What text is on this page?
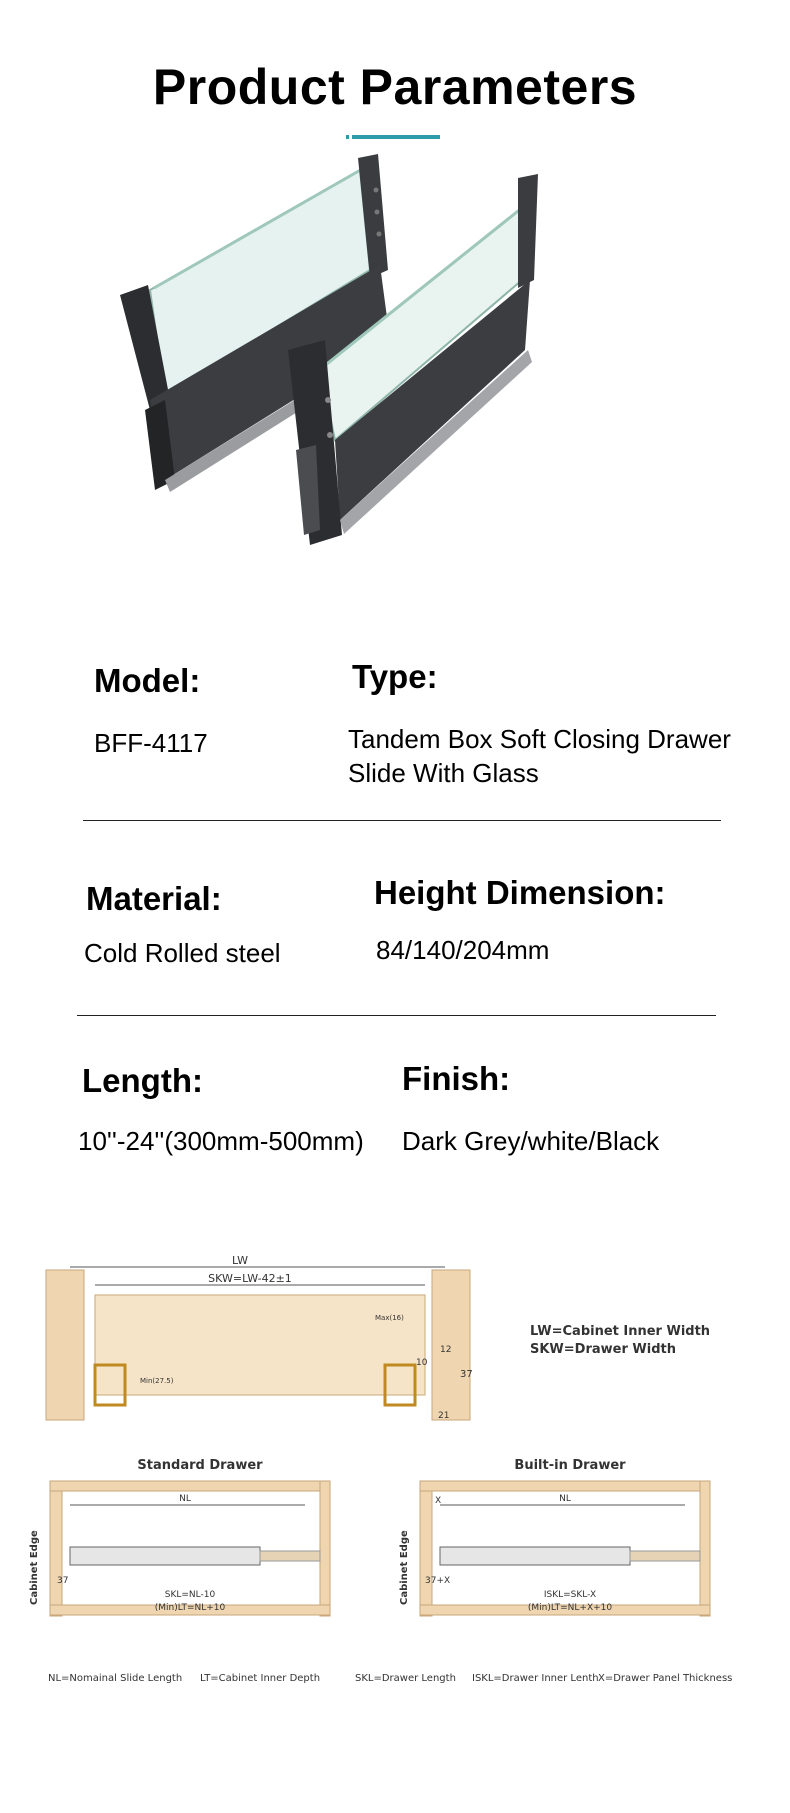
Product Parameters
Model:
BFF-4117
Type:
Tandem Box Soft Closing Drawer
Slide With Glass
Material:
Cold Rolled steel
Height Dimension:
84/140/204mm
Length:
10''-24''(300mm-500mm)
Finish:
Dark Grey/white/Black
LW
SKW=LW-42±1
Max(16)
Min(27.5)
12
10
37
21
LW=Cabinet Inner Width
SKW=Drawer Width
Standard Drawer
Cabinet Edge
NL
37
SKL=NL-10
(Min)LT=NL+10
Built-in Drawer
Cabinet Edge
X	NL
37+X
ISKL=SKL-X
(Min)LT=NL+X+10
NL=Nomainal Slide Length LT=Cabinet Inner Depth	SKL=Drawer Length ISKL=Drawer Inner Lenth X=Drawer Panel Thickness
